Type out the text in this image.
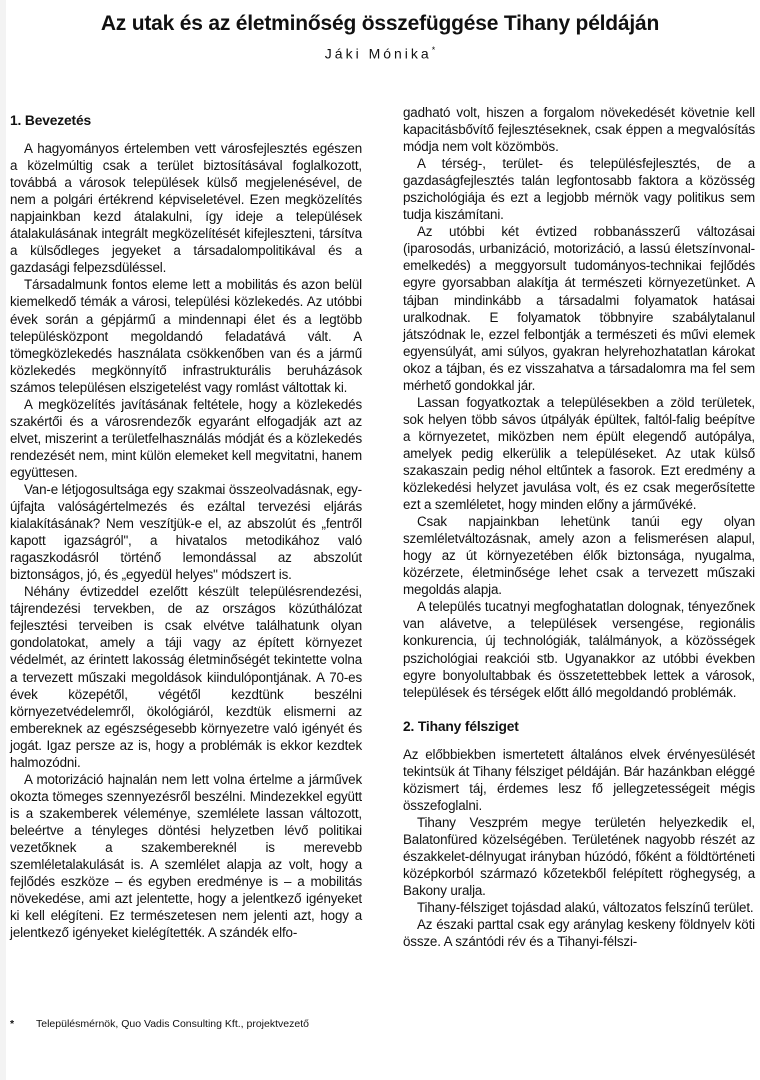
Az utak és az életminőség összefüggése Tihany példáján
Jáki Mónika*
1. Bevezetés

A hagyományos értelemben vett városfejlesztés egészen a közelmúltig csak a terület biztosításával foglalkozott, továbbá a városok települések külső megjelenésével, de nem a polgári értékrend képviseletével. Ezen megközelítés napjainkban kezd átalakulni, így ideje a települések átalakulásának integrált megközelítését kifejleszteni, társítva a külsődleges jegyeket a társadalompolitikával és a gazdasági felpezsdüléssel.

Társadalmunk fontos eleme lett a mobilitás és azon belül kiemelkedő témák a városi, települési közlekedés. Az utóbbi évek során a gépjármű a mindennapi élet és a legtöbb településközpont megoldandó feladatává vált. A tömegközlekedés használata csökkenőben van és a jármű közlekedés megkönnyítő infrastrukturális beruházások számos településen elszigetelést vagy romlást váltottak ki.

A megközelítés javításának feltétele, hogy a közlekedés szakértői és a városrendezők egyaránt elfogadják azt az elvet, miszerint a területfelhasználás módját és a közlekedés rendezését nem, mint külön elemeket kell megvitatni, hanem együttesen.

Van-e létjogosultsága egy szakmai összeolvadásnak, egy-újfajta valóságértelmezés és ezáltal tervezési eljárás kialakításának? Nem veszítjük-e el, az abszolút és „fentről kapott igazságról", a hivatalos metodikához való ragaszkodásról történő lemondással az abszolút biztonságos, jó, és „egyedül helyes" módszert is.

Néhány évtizeddel ezelőtt készült településrendezési, tájrendezési tervekben, de az országos közúthálózat fejlesztési terveiben is csak elvétve találhatunk olyan gondolatokat, amely a táji vagy az épített környezet védelmét, az érintett lakosság életminőségét tekintette volna a tervezett műszaki megoldások kiindulópontjának. A 70-es évek közepétől, végétől kezdtünk beszélni környezetvédelemről, ökológiáról, kezdtük elismerni az embereknek az egészségesebb környezetre való igényét és jogát. Igaz persze az is, hogy a problémák is ekkor kezdtek halmozódni.

A motorizáció hajnalán nem lett volna értelme a járművek okozta tömeges szennyezésről beszélni. Mindezekkel együtt is a szakemberek véleménye, szemlélete lassan változott, beleértve a tényleges döntési helyzetben lévő politikai vezetőknek a szakembereknél is merevebb szemléletalakulását is. A szemlélet alapja az volt, hogy a fejlődés eszköze – és egyben eredménye is – a mobilitás növekedése, ami azt jelentette, hogy a jelentkező igényeket ki kell elégíteni. Ez természetesen nem jelenti azt, hogy a jelentkező igényeket kielégítették. A szándék elfo-

gadható volt, hiszen a forgalom növekedését követnie kell kapacitásbővítő fejlesztéseknek, csak éppen a megvalósítás módja nem volt közömbös.

A térség-, terület- és településfejlesztés, de a gazdaságfejlesztés talán legfontosabb faktora a közösség pszichológiája és ezt a legjobb mérnök vagy politikus sem tudja kiszámítani.

Az utóbbi két évtized robbanásszerű változásai (iparosodás, urbanizáció, motorizáció, a lassú életszínvonal-emelkedés) a meggyorsult tudományos-technikai fejlődés egyre gyorsabban alakítja át természeti környezetünket. A tájban mindinkább a társadalmi folyamatok hatásai uralkodnak. E folyamatok többnyire szabálytalanul játszódnak le, ezzel felbontják a természeti és művi elemek egyensúlyát, ami súlyos, gyakran helyrehozhatatlan károkat okoz a tájban, és ez visszahatva a társadalomra ma fel sem mérhető gondokkal jár.

Lassan fogyatkoztak a településekben a zöld területek, sok helyen több sávos útpályák épültek, faltól-falig beépítve a környezetet, miközben nem épült elegendő autópálya, amelyek pedig elkerülik a településeket. Az utak külső szakaszain pedig néhol eltűntek a fasorok. Ezt eredmény a közlekedési helyzet javulása volt, és ez csak megerősítette ezt a szemléletet, hogy minden előny a járművéké.

Csak napjainkban lehetünk tanúi egy olyan szemléletváltozásnak, amely azon a felismerésen alapul, hogy az út környezetében élők biztonsága, nyugalma, közérzete, életminősége lehet csak a tervezett műszaki megoldás alapja.

A település tucatnyi megfoghatatlan dolognak, tényezőnek van alávetve, a települések versengése, regionális konkurencia, új technológiák, találmányok, a közösségek pszichológiai reakciói stb. Ugyanakkor az utóbbi években egyre bonyolultabbak és összetettebbek lettek a városok, települések és térségek előtt álló megoldandó problémák.

2. Tihany félsziget

Az előbbiekben ismertetett általános elvek érvényesülését tekintsük át Tihany félsziget példáján. Bár hazánkban eléggé közismert táj, érdemes lesz fő jellegzetességeit mégis összefoglalni.

Tihany Veszprém megye területén helyezkedik el, Balatonfüred közelségében. Területének nagyobb részét az északkelet-délnyugat irányban húzódó, főként a földtörténeti középkorból származó kőzetekből felépített röghegység, a Bakony uralja.

Tihany-félsziget tojásdad alakú, változatos felszínű terület.

Az északi parttal csak egy aránylag keskeny földnyelv köti össze. A szántódi rév és a Tihanyi-félszi-

* Településmérnök, Quo Vadis Consulting Kft., projektvezető
